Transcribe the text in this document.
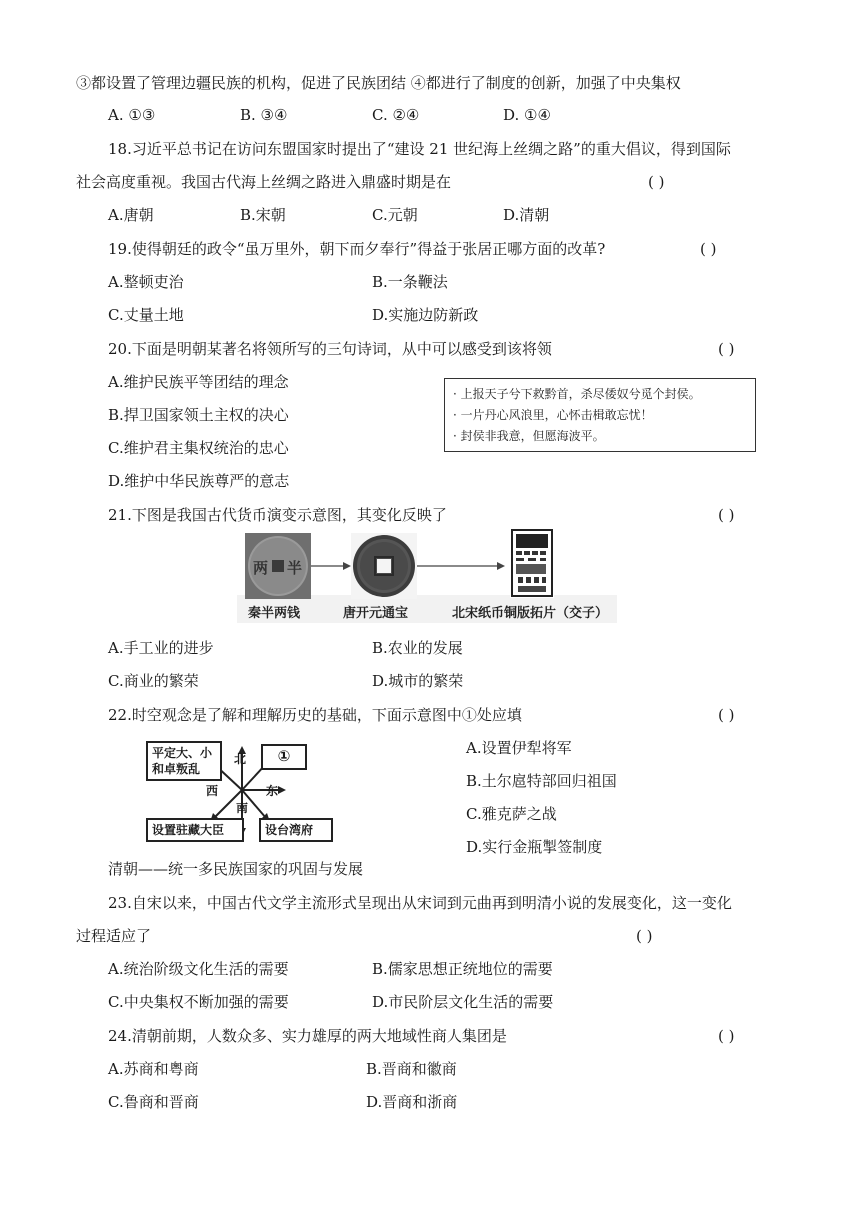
③都设置了管理边疆民族的机构，促进了民族团结 ④都进行了制度的创新，加强了中央集权
A. ①③	B. ③④	C. ②④	D. ①④
18.习近平总书记在访问东盟国家时提出了“建设 21 世纪海上丝绸之路”的重大倡议，得到国际
社会高度重视。我国古代海上丝绸之路进入鼎盛时期是在	( )
A.唐朝	B.宋朝	C.元朝	D.清朝
19.使得朝廷的政令“虽万里外，朝下而夕奉行”得益于张居正哪方面的改革?	( )
A.整顿吏治	B.一条鞭法
C.丈量土地	D.实施边防新政
20.下面是明朝某著名将领所写的三句诗词，从中可以感受到该将领	( )
A.维护民族平等团结的理念
B.捍卫国家领土主权的决心
C.维护君主集权统治的忠心
D.维护中华民族尊严的意志
· 上报天子兮下救黔首，杀尽倭奴兮觅个封侯。
· 一片丹心风浪里，心怀击楫敢忘忧！
· 封侯非我意，但愿海波平。
21.下图是我国古代货币演变示意图，其变化反映了	( )
两 半
秦半两钱	唐开元通宝	北宋纸币铜版拓片（交子）
A.手工业的进步	B.农业的发展
C.商业的繁荣	D.城市的繁荣
22.时空观念是了解和理解历史的基础，下面示意图中①处应填	( )
平定大、小
和卓叛乱
①
设置驻藏大臣	设台湾府
北
南
东
西
A.设置伊犁将军
B.土尔扈特部回归祖国
C.雅克萨之战
D.实行金瓶掣签制度
清朝——统一多民族国家的巩固与发展
23.自宋以来，中国古代文学主流形式呈现出从宋词到元曲再到明清小说的发展变化，这一变化
过程适应了	( )
A.统治阶级文化生活的需要	B.儒家思想正统地位的需要
C.中央集权不断加强的需要	D.市民阶层文化生活的需要
24.清朝前期，人数众多、实力雄厚的两大地域性商人集团是	( )
A.苏商和粤商	B.晋商和徽商
C.鲁商和晋商	D.晋商和浙商
